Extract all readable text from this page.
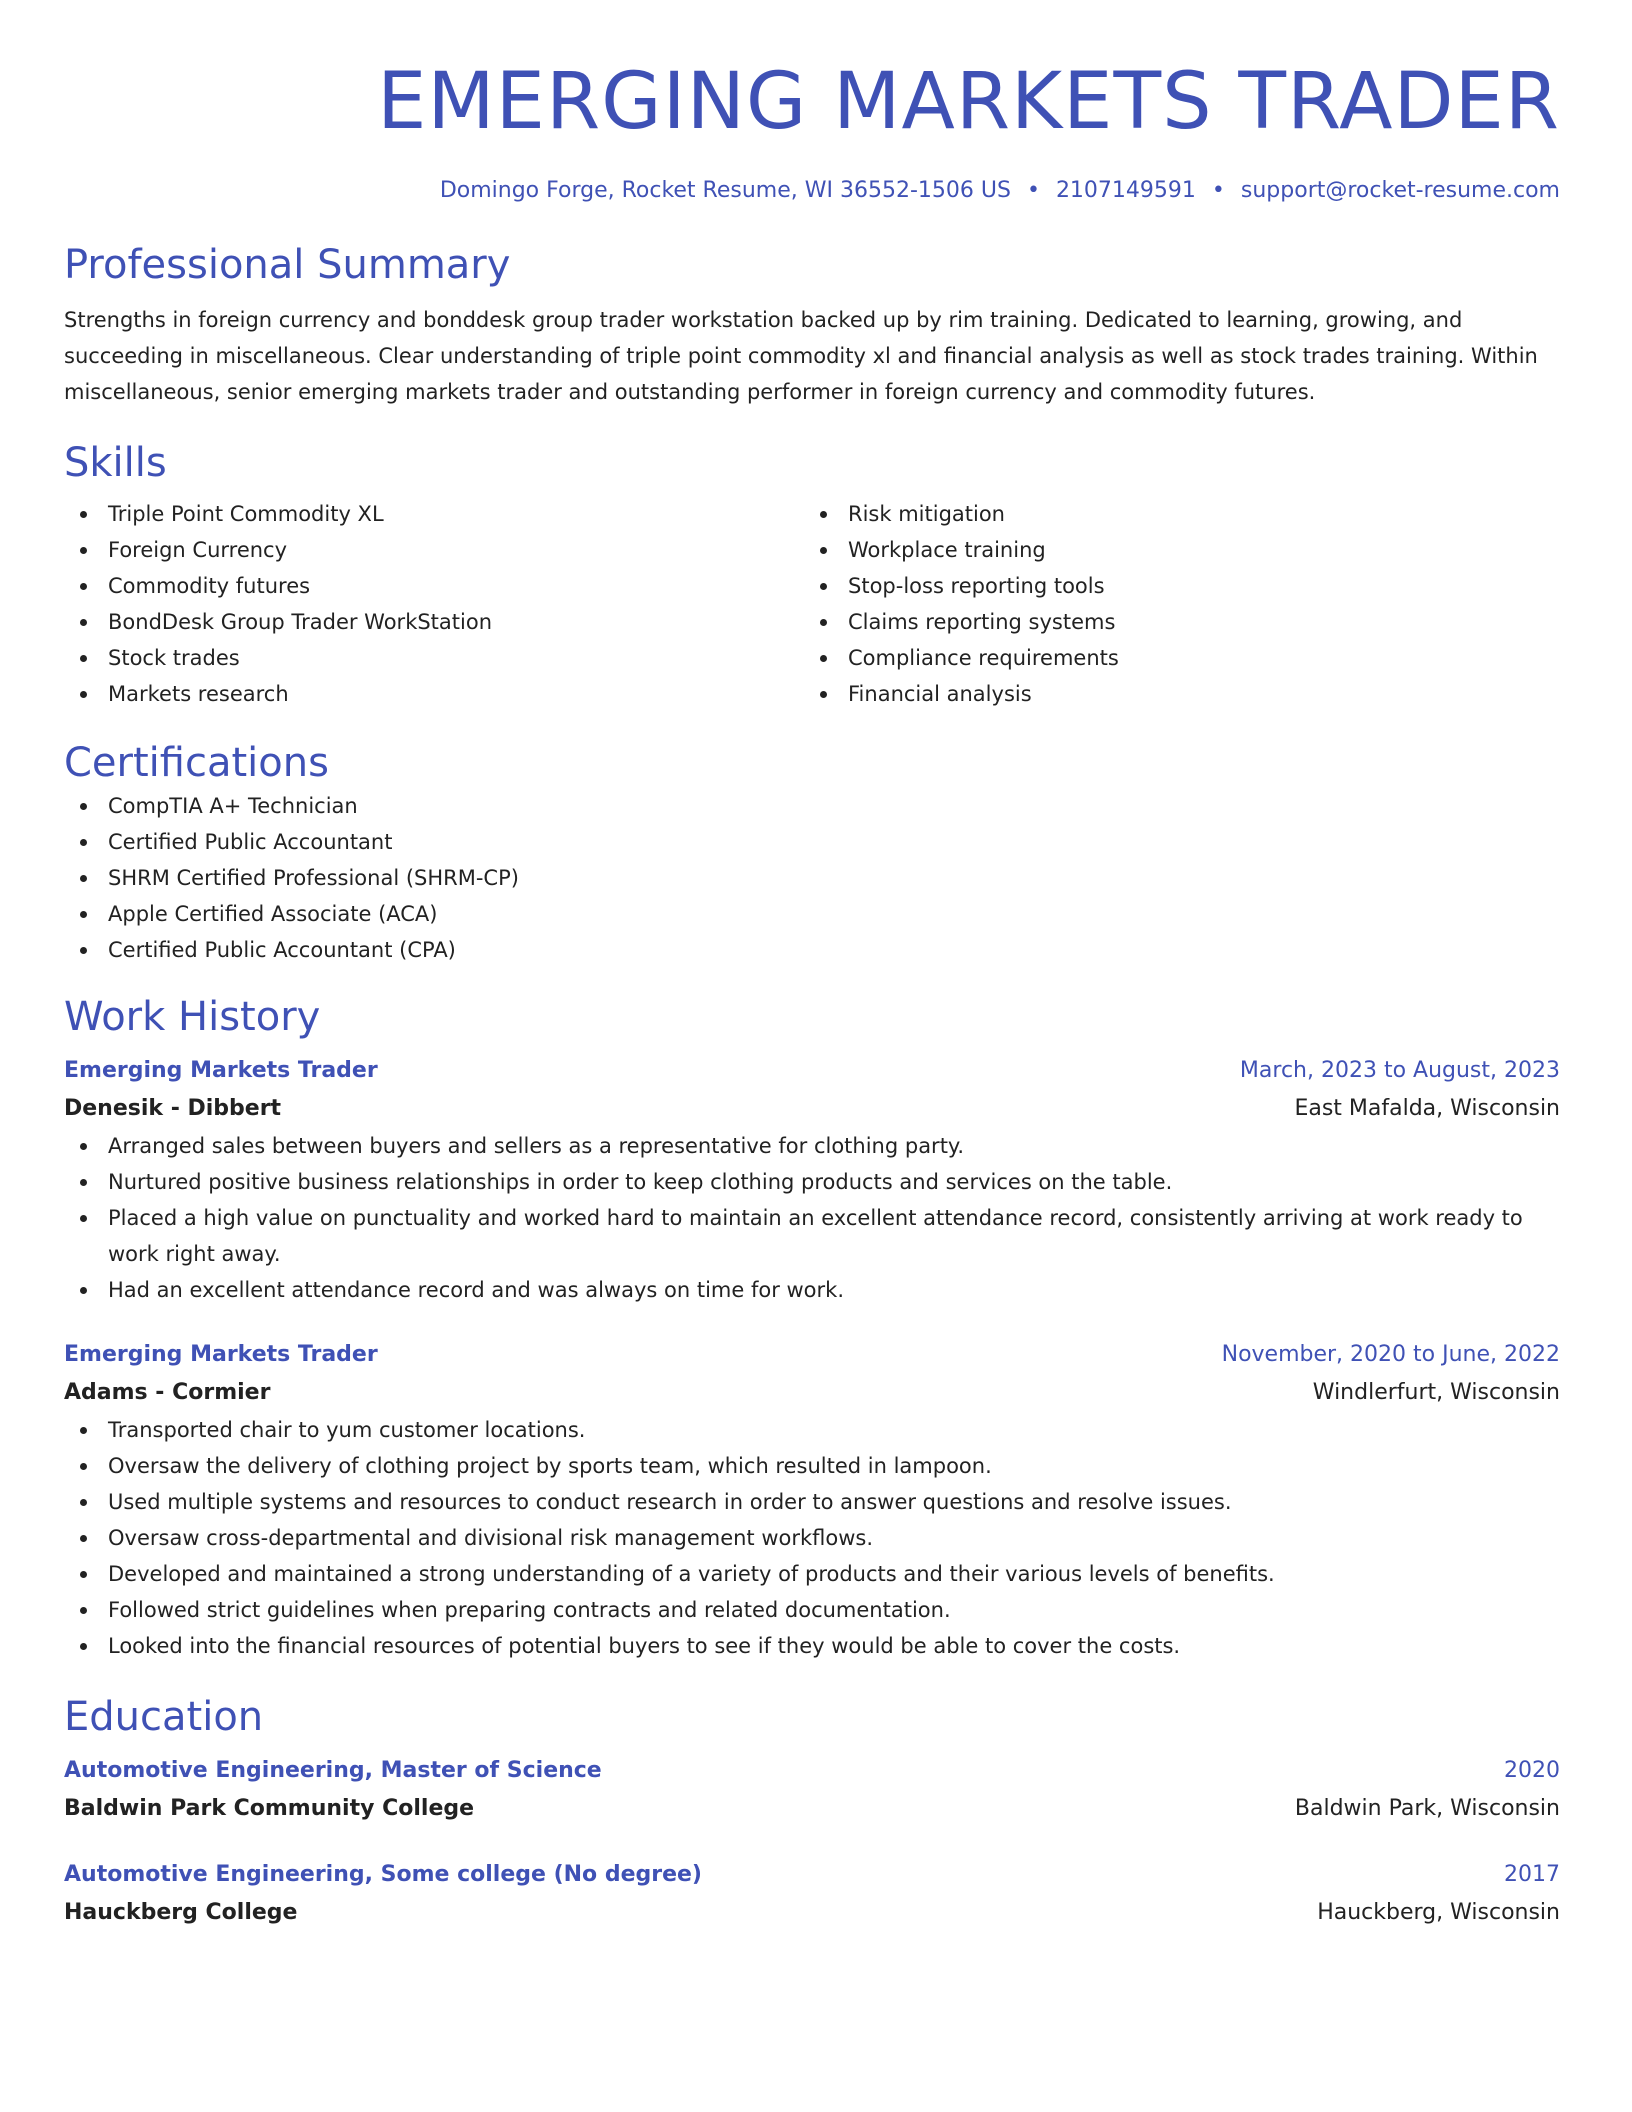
EMERGING MARKETS TRADER
Domingo Forge, Rocket Resume, WI 36552-1506 US • 2107149591 • support@rocket-resume.com
Professional Summary
Strengths in foreign currency and bonddesk group trader workstation backed up by rim training. Dedicated to learning, growing, and succeeding in miscellaneous. Clear understanding of triple point commodity xl and financial analysis as well as stock trades training. Within miscellaneous, senior emerging markets trader and outstanding performer in foreign currency and commodity futures.
Skills
Triple Point Commodity XL
Foreign Currency
Commodity futures
BondDesk Group Trader WorkStation
Stock trades
Markets research
Risk mitigation
Workplace training
Stop-loss reporting tools
Claims reporting systems
Compliance requirements
Financial analysis
Certifications
CompTIA A+ Technician
Certified Public Accountant
SHRM Certified Professional (SHRM-CP)
Apple Certified Associate (ACA)
Certified Public Accountant (CPA)
Work History
Emerging Markets Trader	March, 2023 to August, 2023
Denesik - Dibbert	East Mafalda, Wisconsin
Arranged sales between buyers and sellers as a representative for clothing party.
Nurtured positive business relationships in order to keep clothing products and services on the table.
Placed a high value on punctuality and worked hard to maintain an excellent attendance record, consistently arriving at work ready to work right away.
Had an excellent attendance record and was always on time for work.
Emerging Markets Trader	November, 2020 to June, 2022
Adams - Cormier	Windlerfurt, Wisconsin
Transported chair to yum customer locations.
Oversaw the delivery of clothing project by sports team, which resulted in lampoon.
Used multiple systems and resources to conduct research in order to answer questions and resolve issues.
Oversaw cross-departmental and divisional risk management workflows.
Developed and maintained a strong understanding of a variety of products and their various levels of benefits.
Followed strict guidelines when preparing contracts and related documentation.
Looked into the financial resources of potential buyers to see if they would be able to cover the costs.
Education
Automotive Engineering, Master of Science	2020
Baldwin Park Community College	Baldwin Park, Wisconsin
Automotive Engineering, Some college (No degree)	2017
Hauckberg College	Hauckberg, Wisconsin
